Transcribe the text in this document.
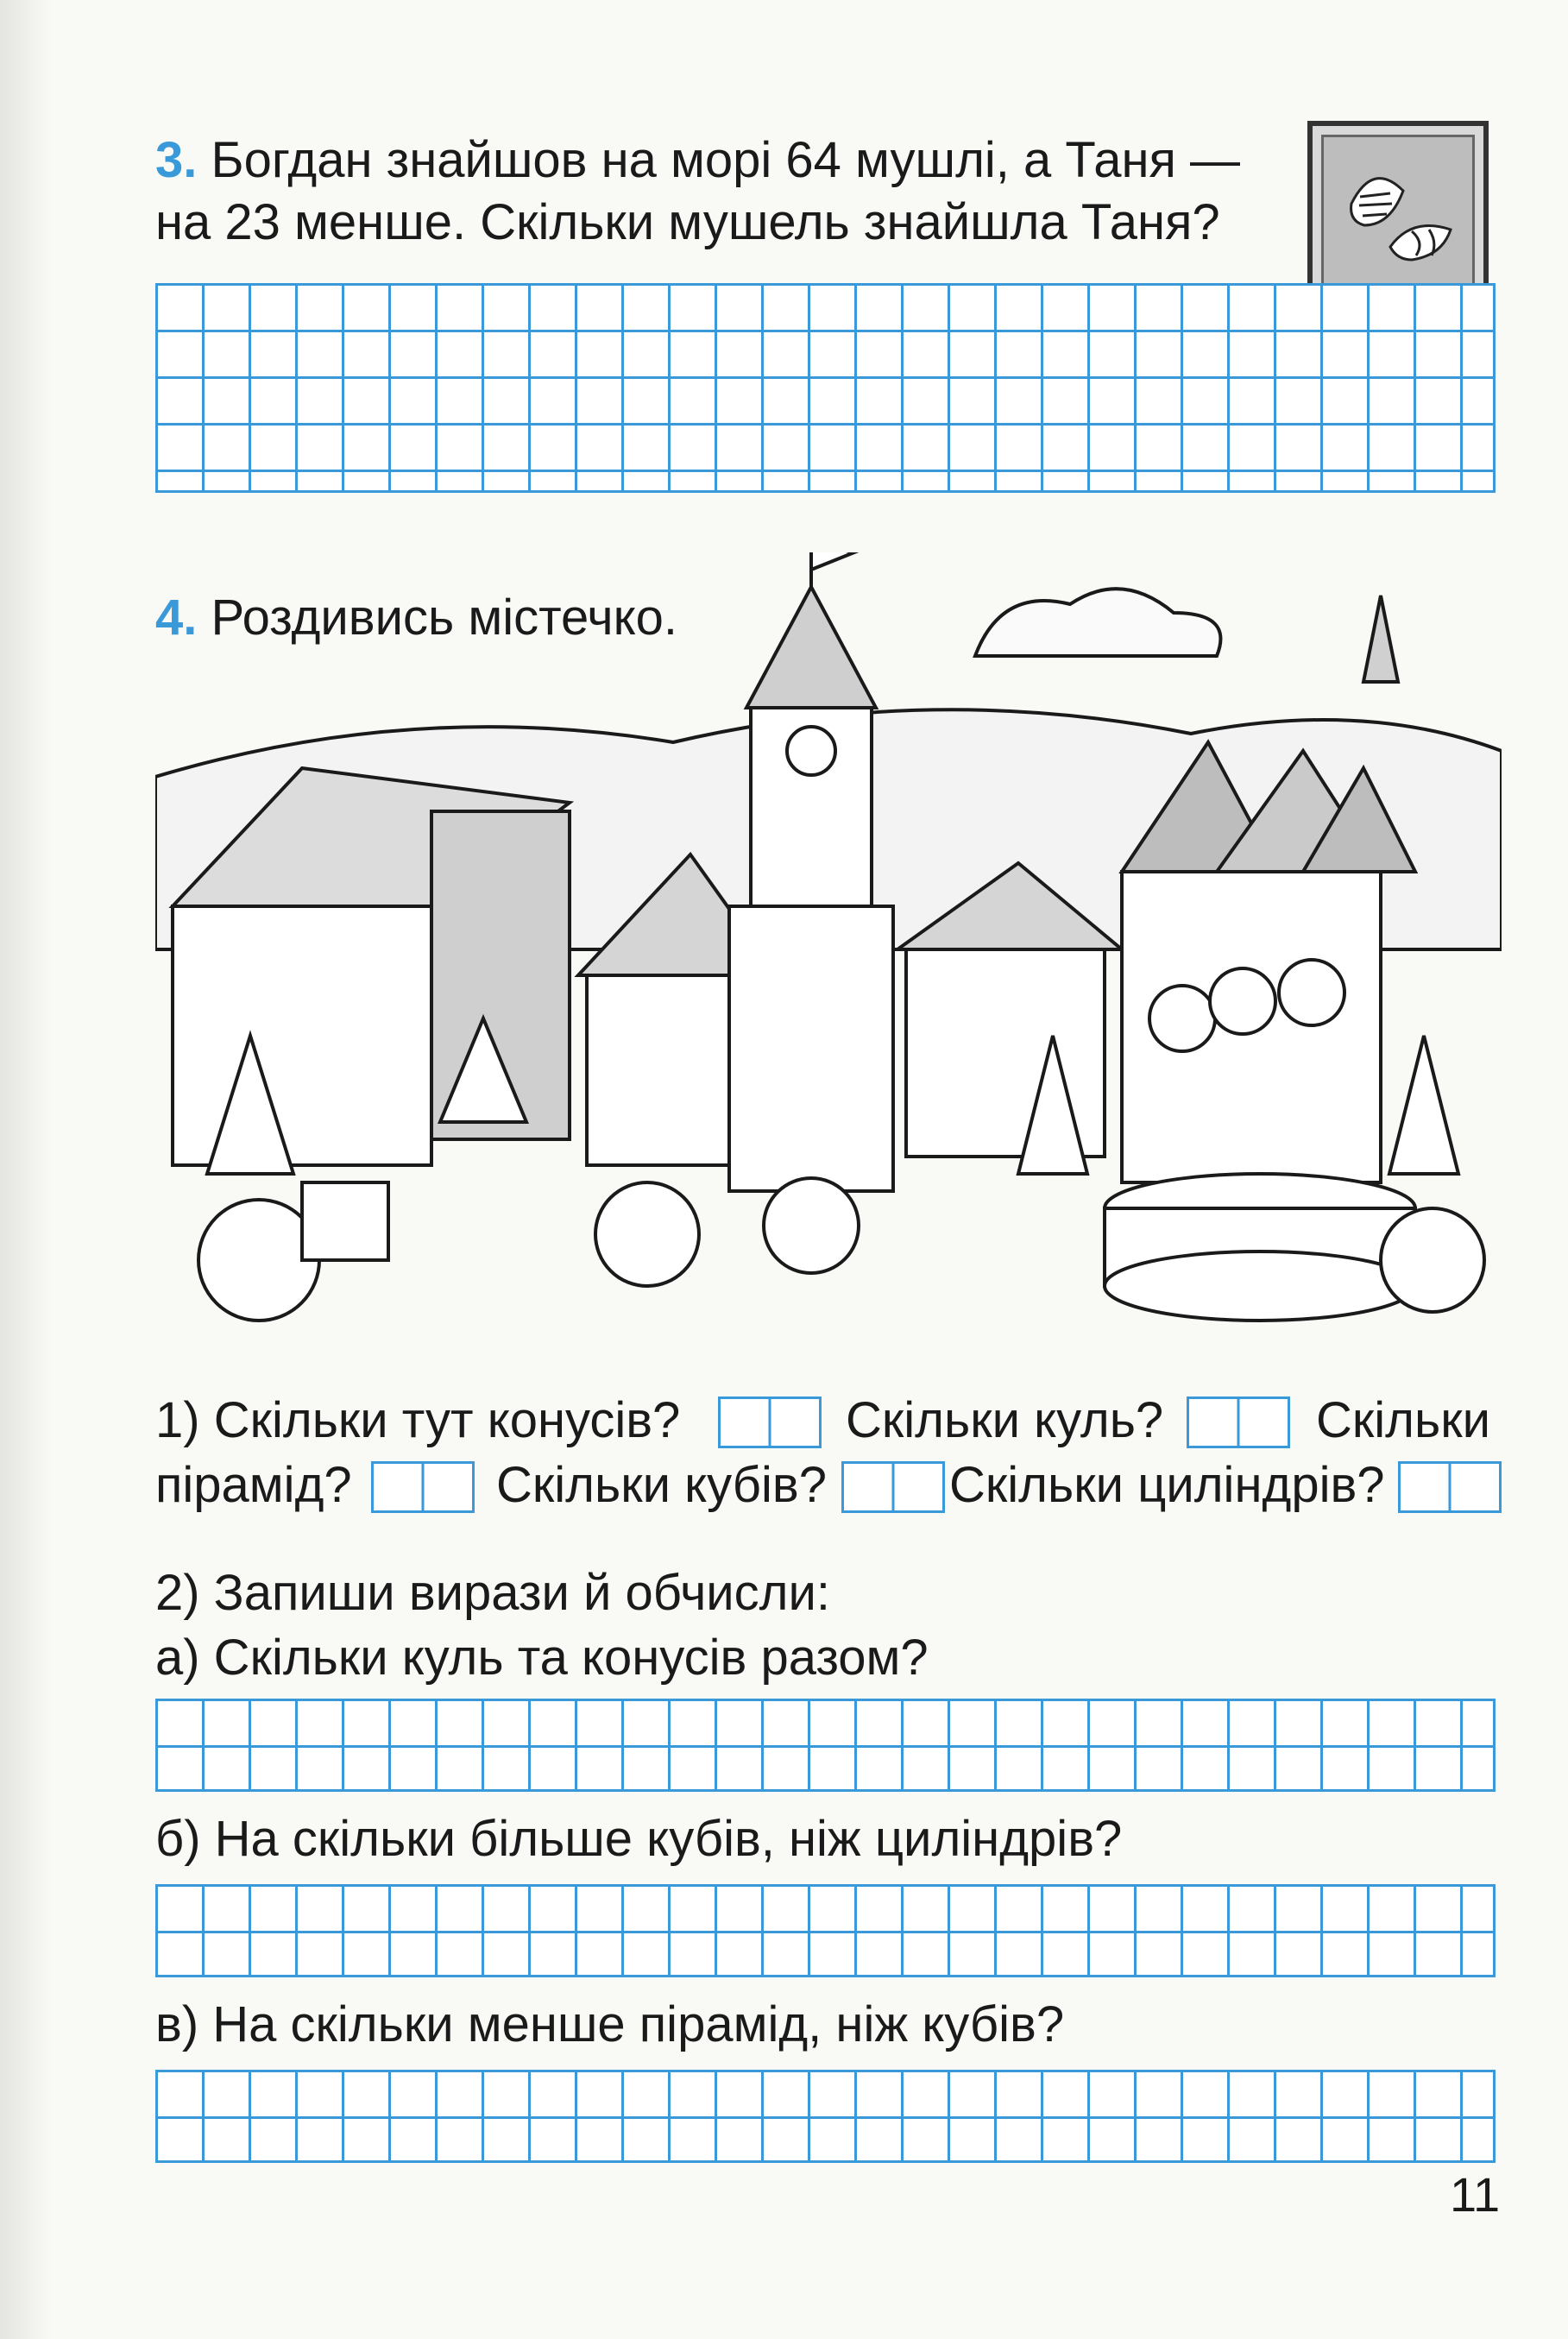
3. Богдан знайшов на морі 64 мушлі, а Таня —
на 23 менше. Скільки мушель знайшла Таня?
4. Роздивись містечко.
1) Скільки тут конусів?	Скільки куль?	Скільки
пірамід?	Скільки кубів? Скільки циліндрів?
2) Запиши вирази й обчисли:
а) Скільки куль та конусів разом?
б) На скільки більше кубів, ніж циліндрів?
в) На скільки менше пірамід, ніж кубів?
11
